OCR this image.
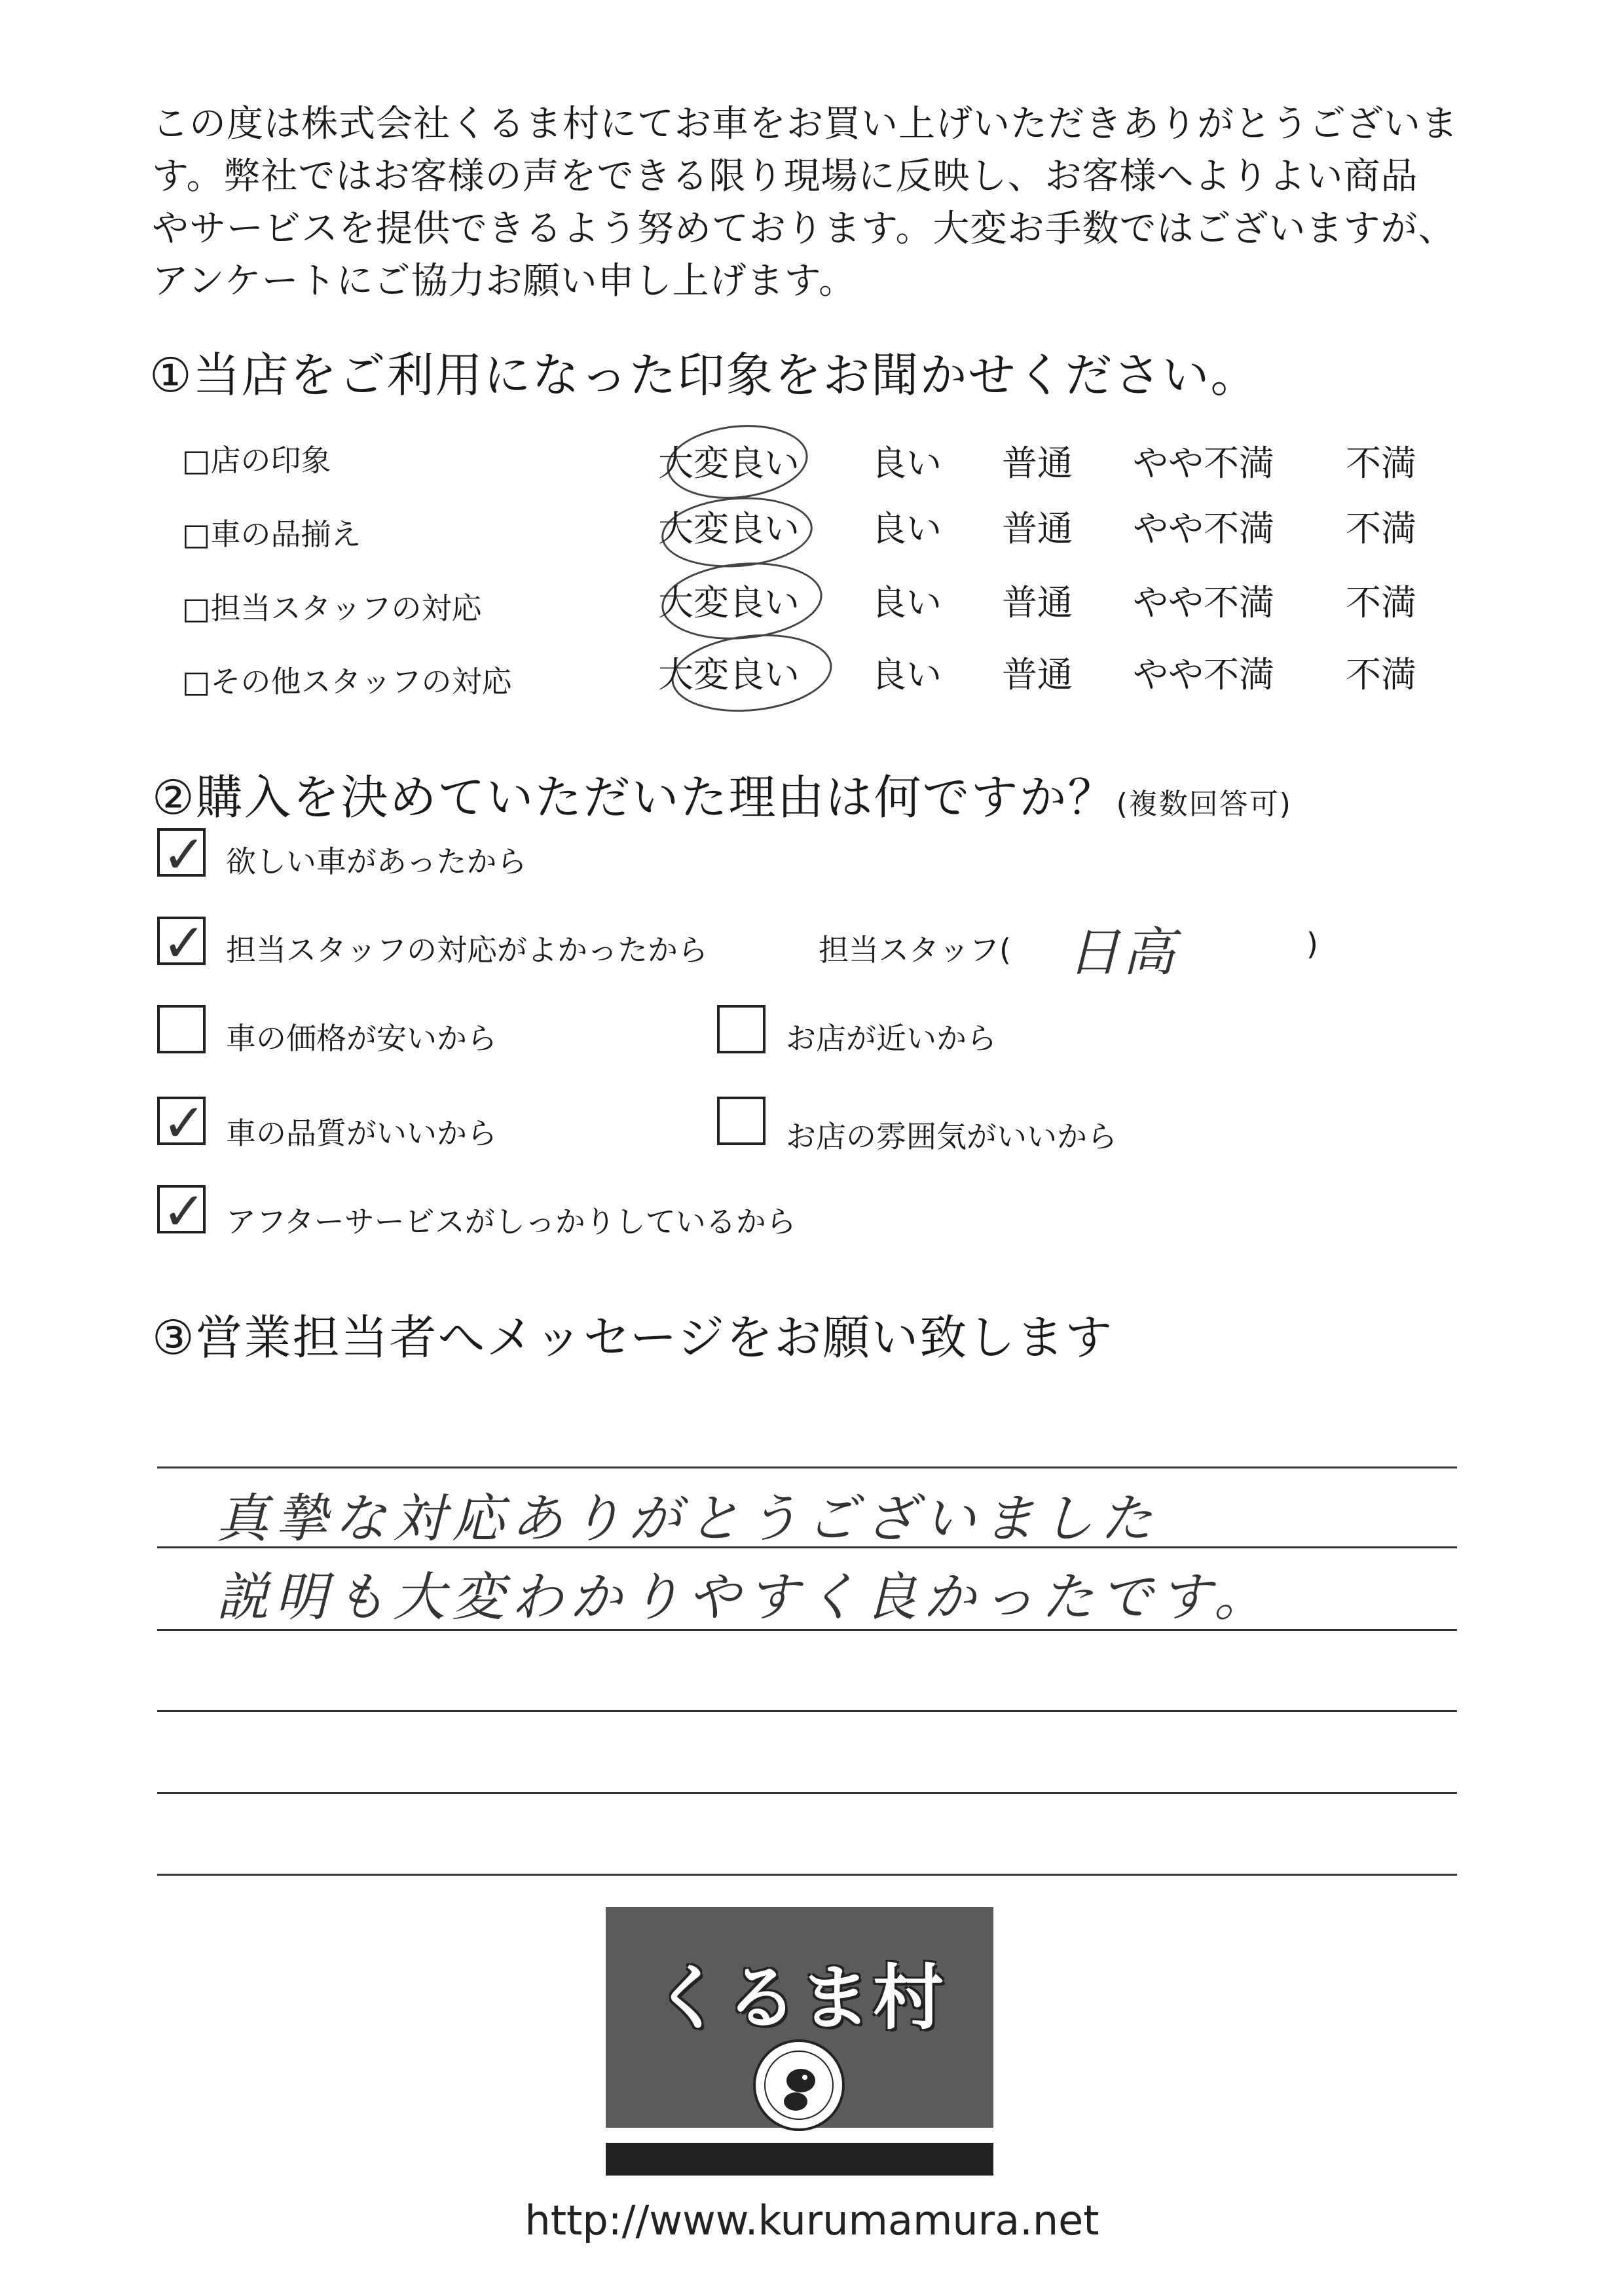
この度は株式会社くるま村にてお車をお買い上げいただきありがとうございま
す。弊社ではお客様の声をできる限り現場に反映し、お客様へよりよい商品
やサービスを提供できるよう努めております。大変お手数ではございますが、
アンケートにご協力お願い申し上げます。
①当店をご利用になった印象をお聞かせください。
□店の印象	大変良い 良い 普通 やや不満 不満
□車の品揃え	大変良い 良い 普通 やや不満 不満
□担当スタッフの対応	大変良い 良い 普通 やや不満 不満
□その他スタッフの対応	大変良い 良い 普通 やや不満 不満
②購入を決めていただいた理由は何ですか？(複数回答可)
✓ 欲しい車があったから
✓ 担当スタッフの対応がよかったから	担当スタッフ( 日高	)
車の価格が安いから	お店が近いから
✓ 車の品質がいいから	お店の雰囲気がいいから
✓ アフターサービスがしっかりしているから
③営業担当者へメッセージをお願い致します
真摯な対応ありがとうございました
説明も大変わかりやすく良かったです。
くるま村
http://www.kurumamura.net
